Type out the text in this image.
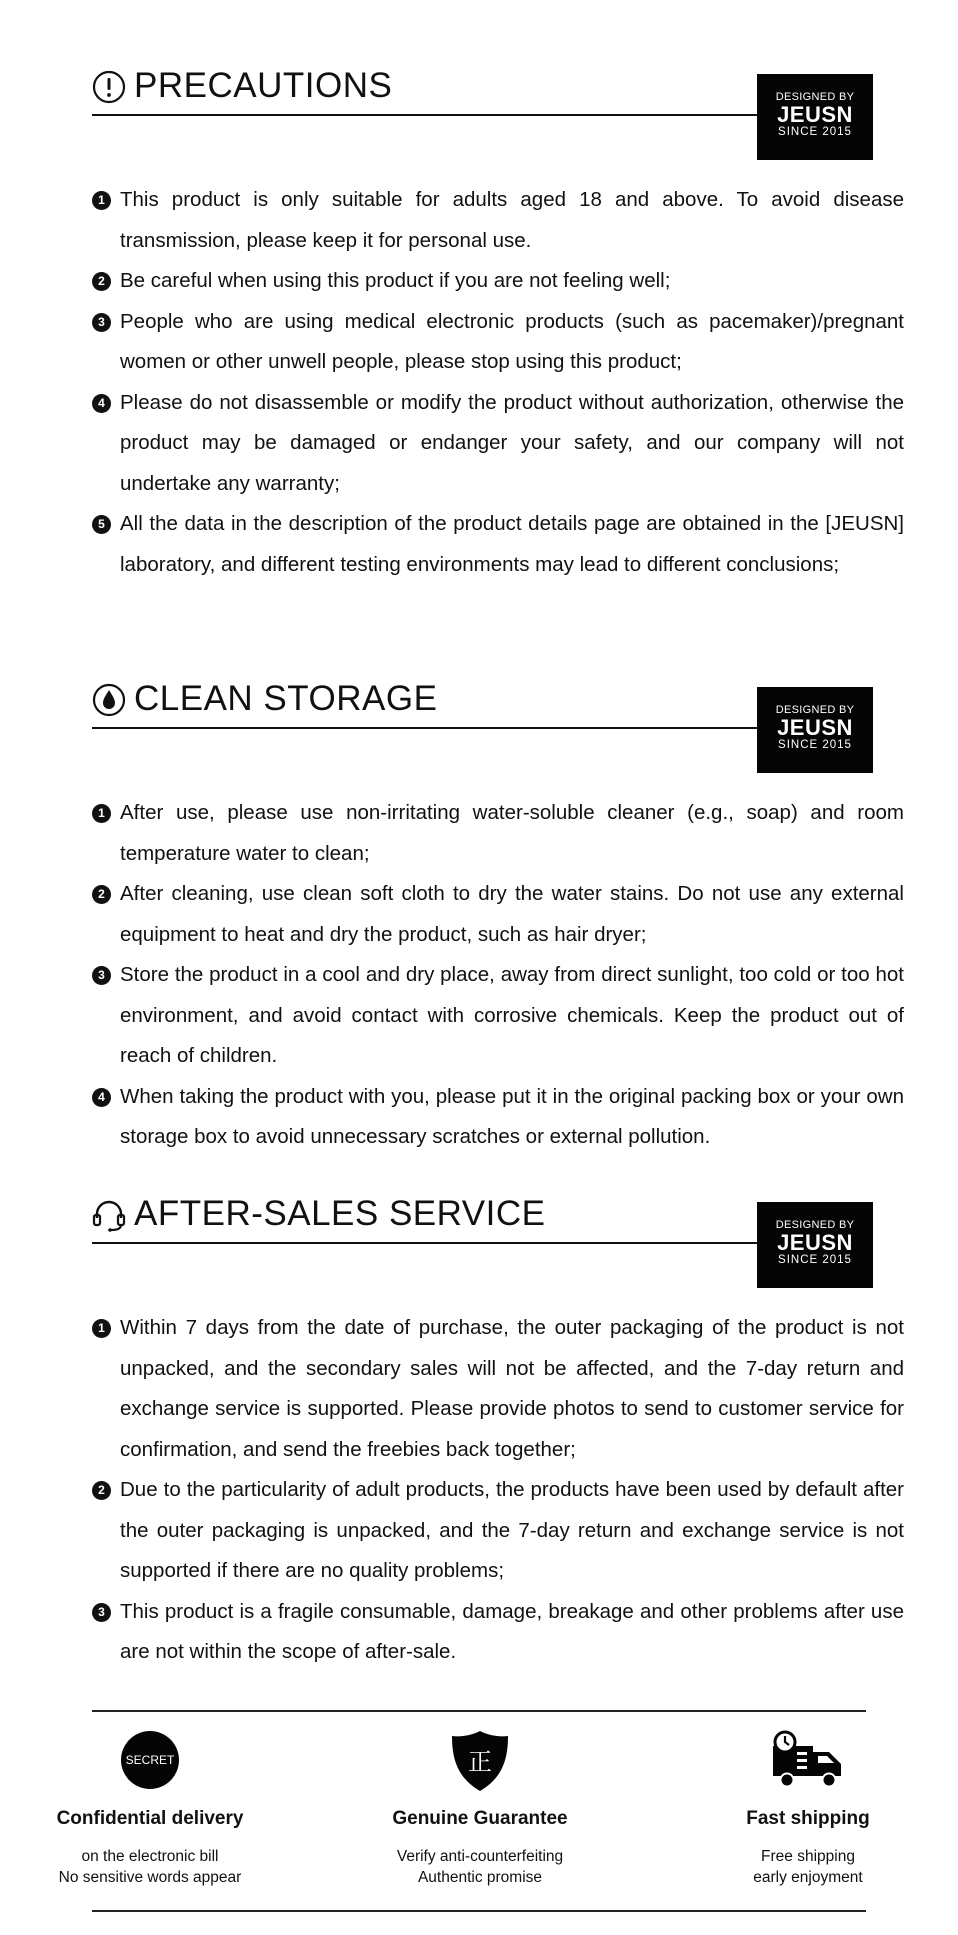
PRECAUTIONS	DESIGNED BY
JEUSN
SINCE 2015
1 This product is only suitable for adults aged 18 and above. To avoid disease transmission, please keep it for personal use.
2 Be careful when using this product if you are not feeling well;
3 People who are using medical electronic products (such as pacemaker)/pregnant women or other unwell people, please stop using this product;
4 Please do not disassemble or modify the product without authorization, otherwise the product may be damaged or endanger your safety, and our company will not undertake any warranty;
5 All the data in the description of the product details page are obtained in the [JEUSN] laboratory, and different testing environments may lead to different conclusions;
CLEAN STORAGE	DESIGNED BY
JEUSN
SINCE 2015
1 After use, please use non-irritating water-soluble cleaner (e.g., soap) and room temperature water to clean;
2 After cleaning, use clean soft cloth to dry the water stains. Do not use any external equipment to heat and dry the product, such as hair dryer;
3 Store the product in a cool and dry place, away from direct sunlight, too cold or too hot environment, and avoid contact with corrosive chemicals. Keep the product out of reach of children.
4 When taking the product with you, please put it in the original packing box or your own storage box to avoid unnecessary scratches or external pollution.
AFTER-SALES SERVICE	DESIGNED BY
JEUSN
SINCE 2015
1 Within 7 days from the date of purchase, the outer packaging of the product is not unpacked, and the secondary sales will not be affected, and the 7-day return and exchange service is supported. Please provide photos to send to customer service for confirmation, and send the freebies back together;
2 Due to the particularity of adult products, the products have been used by default after the outer packaging is unpacked, and the 7-day return and exchange service is not supported if there are no quality problems;
3 This product is a fragile consumable, damage, breakage and other problems after use are not within the scope of after-sale.
SECRET
Confidential delivery
on the electronic bill
No sensitive words appear
正
Genuine Guarantee
Verify anti-counterfeiting
Authentic promise
Fast shipping
Free shipping
early enjoyment
